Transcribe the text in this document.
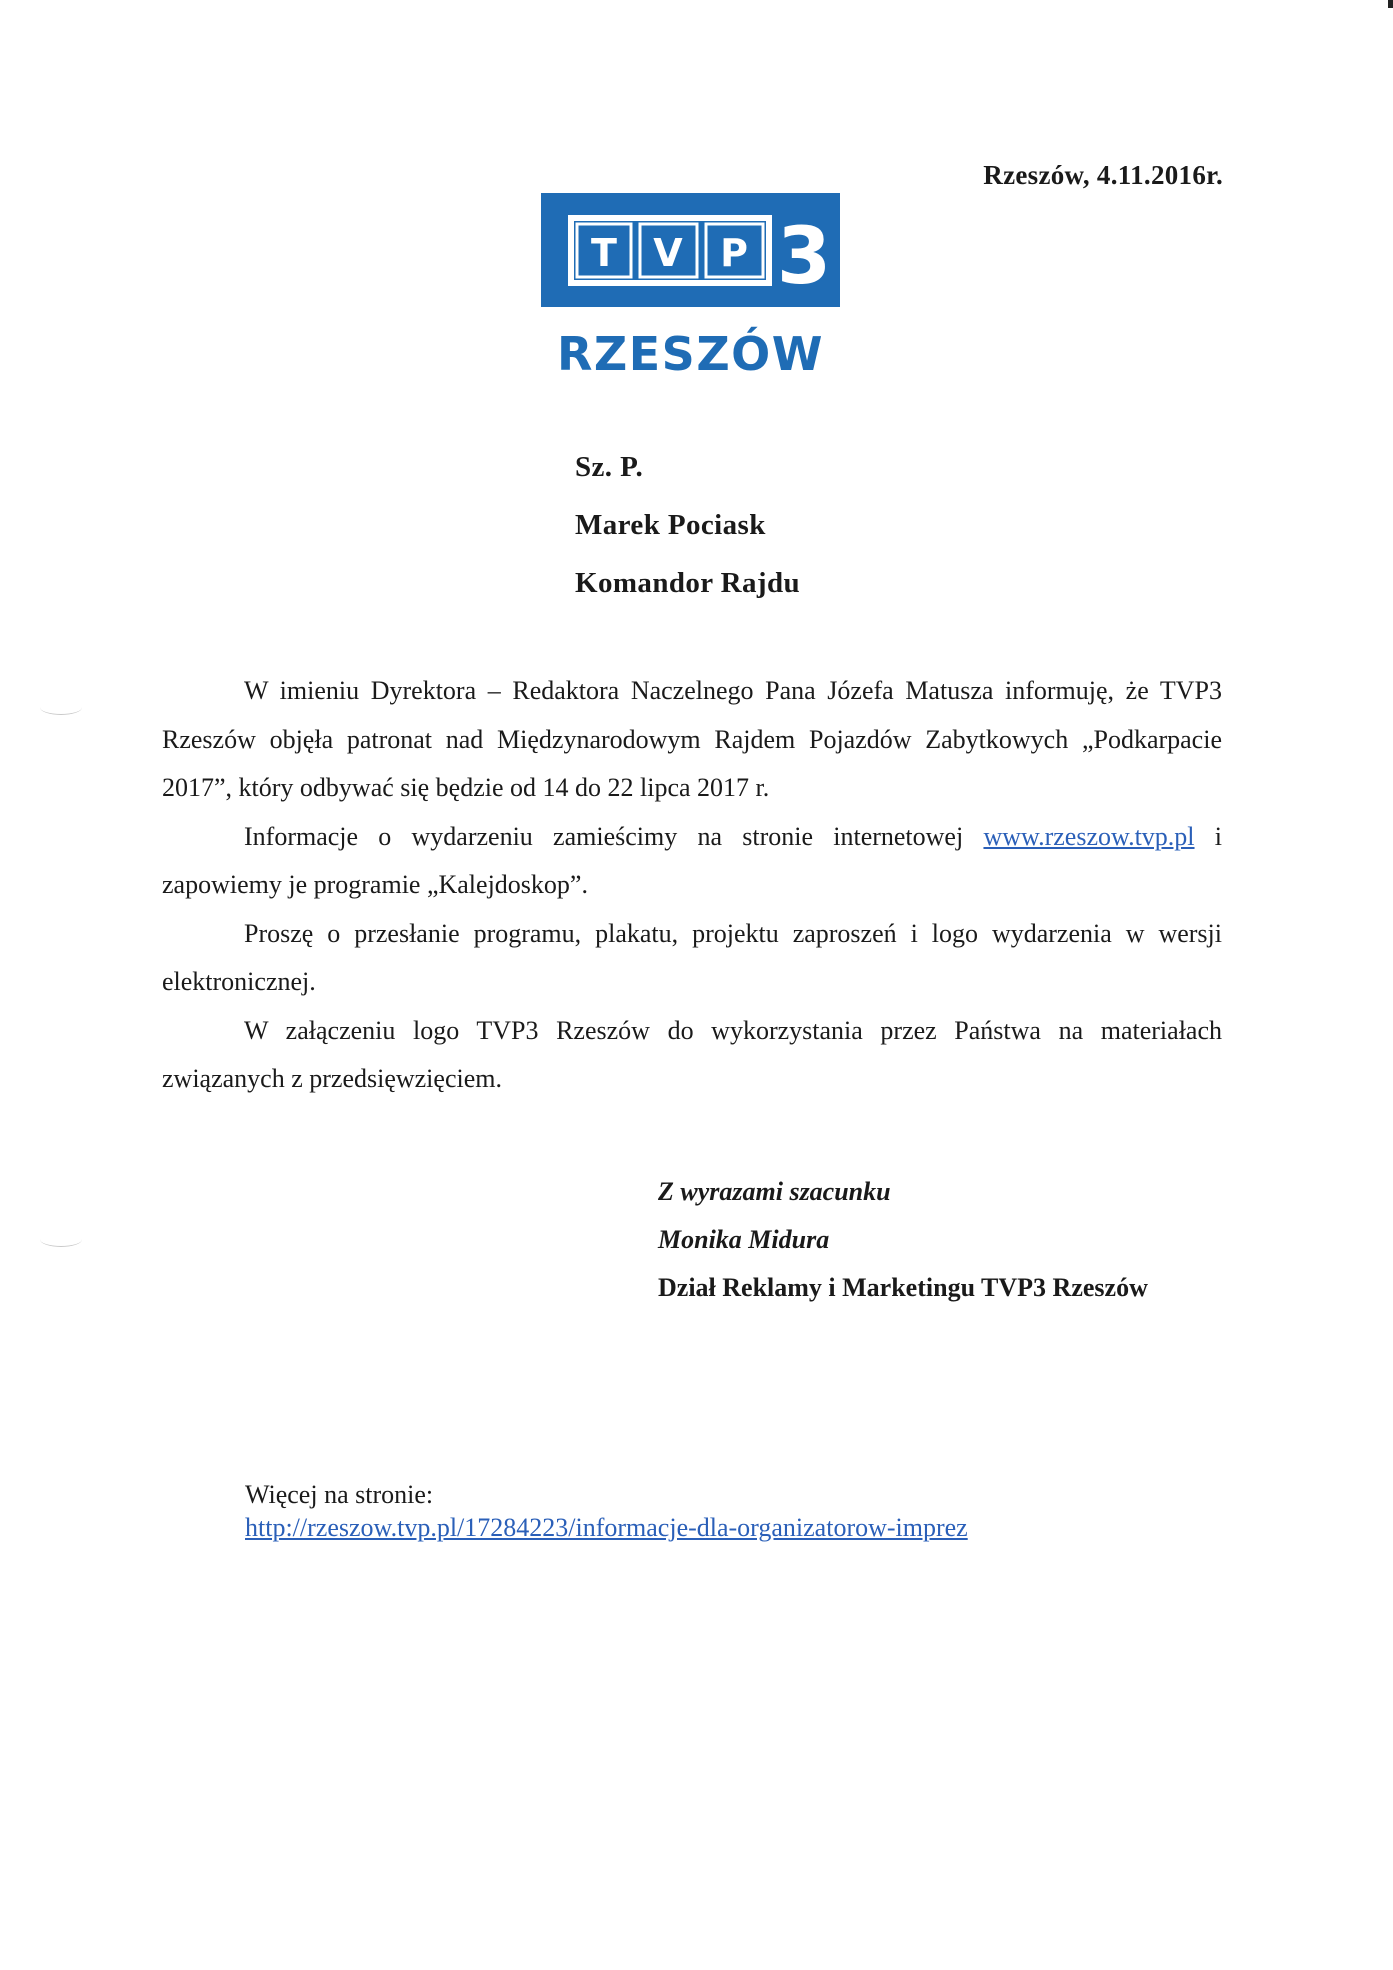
Rzeszów, 4.11.2016r.
T V P 3
RZESZÓW
Sz. P.
Marek Pociask
Komandor Rajdu

W imieniu Dyrektora – Redaktora Naczelnego Pana Józefa Matusza informuję, że TVP3 Rzeszów objęła patronat nad Międzynarodowym Rajdem Pojazdów Zabytkowych „Podkarpacie 2017”, który odbywać się będzie od 14 do 22 lipca 2017 r.

Informacje o wydarzeniu zamieścimy na stronie internetowej www.rzeszow.tvp.pl i zapowiemy je programie „Kalejdoskop”.

Proszę o przesłanie programu, plakatu, projektu zaproszeń i logo wydarzenia w wersji elektronicznej.

W załączeniu logo TVP3 Rzeszów do wykorzystania przez Państwa na materiałach związanych z przedsięwzięciem.

Z wyrazami szacunku
Monika Midura
Dział Reklamy i Marketingu TVP3 Rzeszów
Więcej na stronie:
http://rzeszow.tvp.pl/17284223/informacje-dla-organizatorow-imprez
